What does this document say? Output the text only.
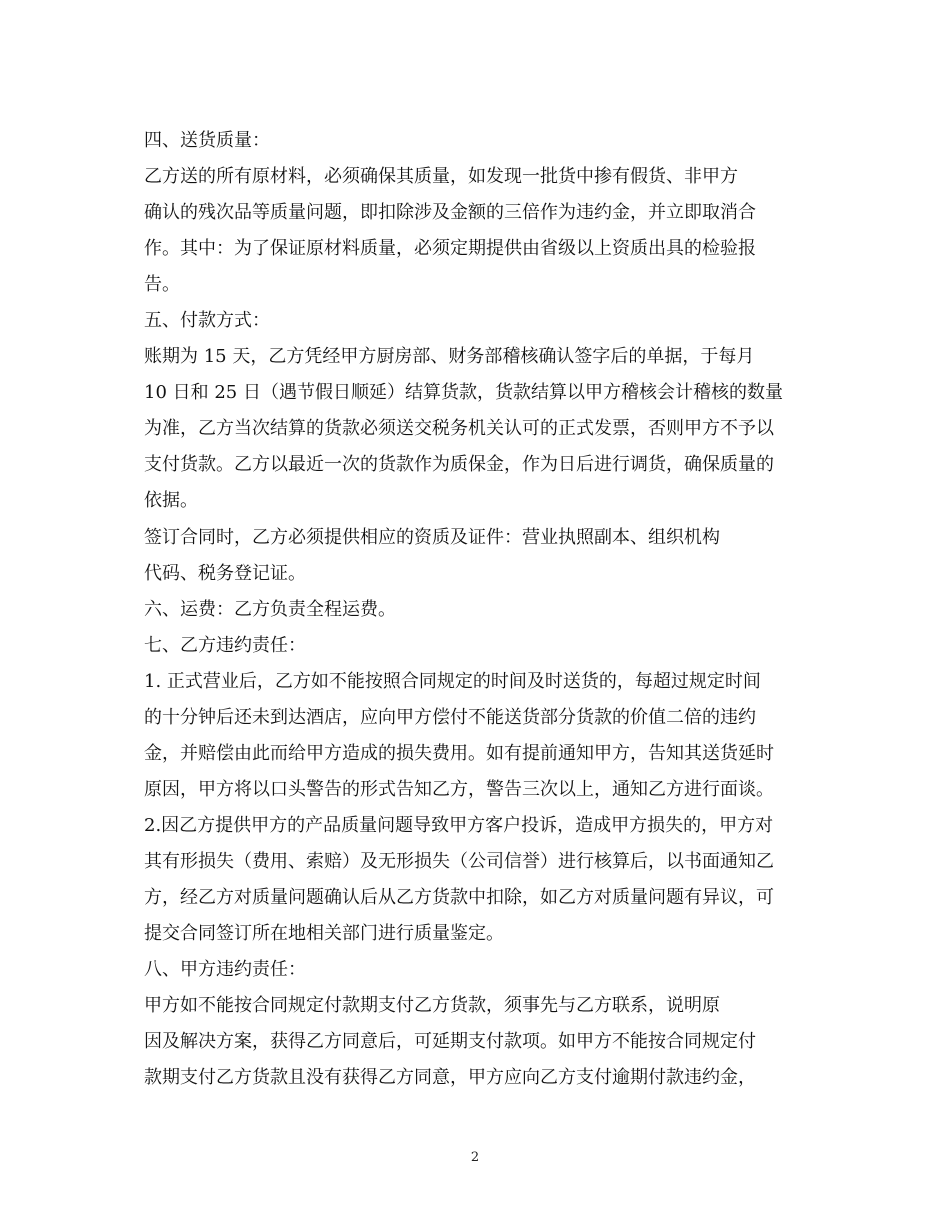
四、送货质量：
乙方送的所有原材料，必须确保其质量，如发现一批货中掺有假货、非甲方
确认的残次品等质量问题，即扣除涉及金额的三倍作为违约金，并立即取消合
作。其中：为了保证原材料质量，必须定期提供由省级以上资质出具的检验报
告。
五、付款方式：
账期为 15 天，乙方凭经甲方厨房部、财务部稽核确认签字后的单据，于每月
10 日和 25 日（遇节假日顺延）结算货款，货款结算以甲方稽核会计稽核的数量
为准，乙方当次结算的货款必须送交税务机关认可的正式发票，否则甲方不予以
支付货款。乙方以最近一次的货款作为质保金，作为日后进行调货，确保质量的
依据。
签订合同时，乙方必须提供相应的资质及证件：营业执照副本、组织机构
代码、税务登记证。
六、运费：乙方负责全程运费。
七、乙方违约责任：
1. 正式营业后，乙方如不能按照合同规定的时间及时送货的，每超过规定时间
的十分钟后还未到达酒店，应向甲方偿付不能送货部分货款的价值二倍的违约
金，并赔偿由此而给甲方造成的损失费用。如有提前通知甲方，告知其送货延时
原因，甲方将以口头警告的形式告知乙方，警告三次以上，通知乙方进行面谈。
2.因乙方提供甲方的产品质量问题导致甲方客户投诉，造成甲方损失的，甲方对
其有形损失（费用、索赔）及无形损失（公司信誉）进行核算后，以书面通知乙
方，经乙方对质量问题确认后从乙方货款中扣除，如乙方对质量问题有异议，可
提交合同签订所在地相关部门进行质量鉴定。
八、甲方违约责任：
甲方如不能按合同规定付款期支付乙方货款，须事先与乙方联系，说明原
因及解决方案，获得乙方同意后，可延期支付款项。如甲方不能按合同规定付
款期支付乙方货款且没有获得乙方同意，甲方应向乙方支付逾期付款违约金，
2
